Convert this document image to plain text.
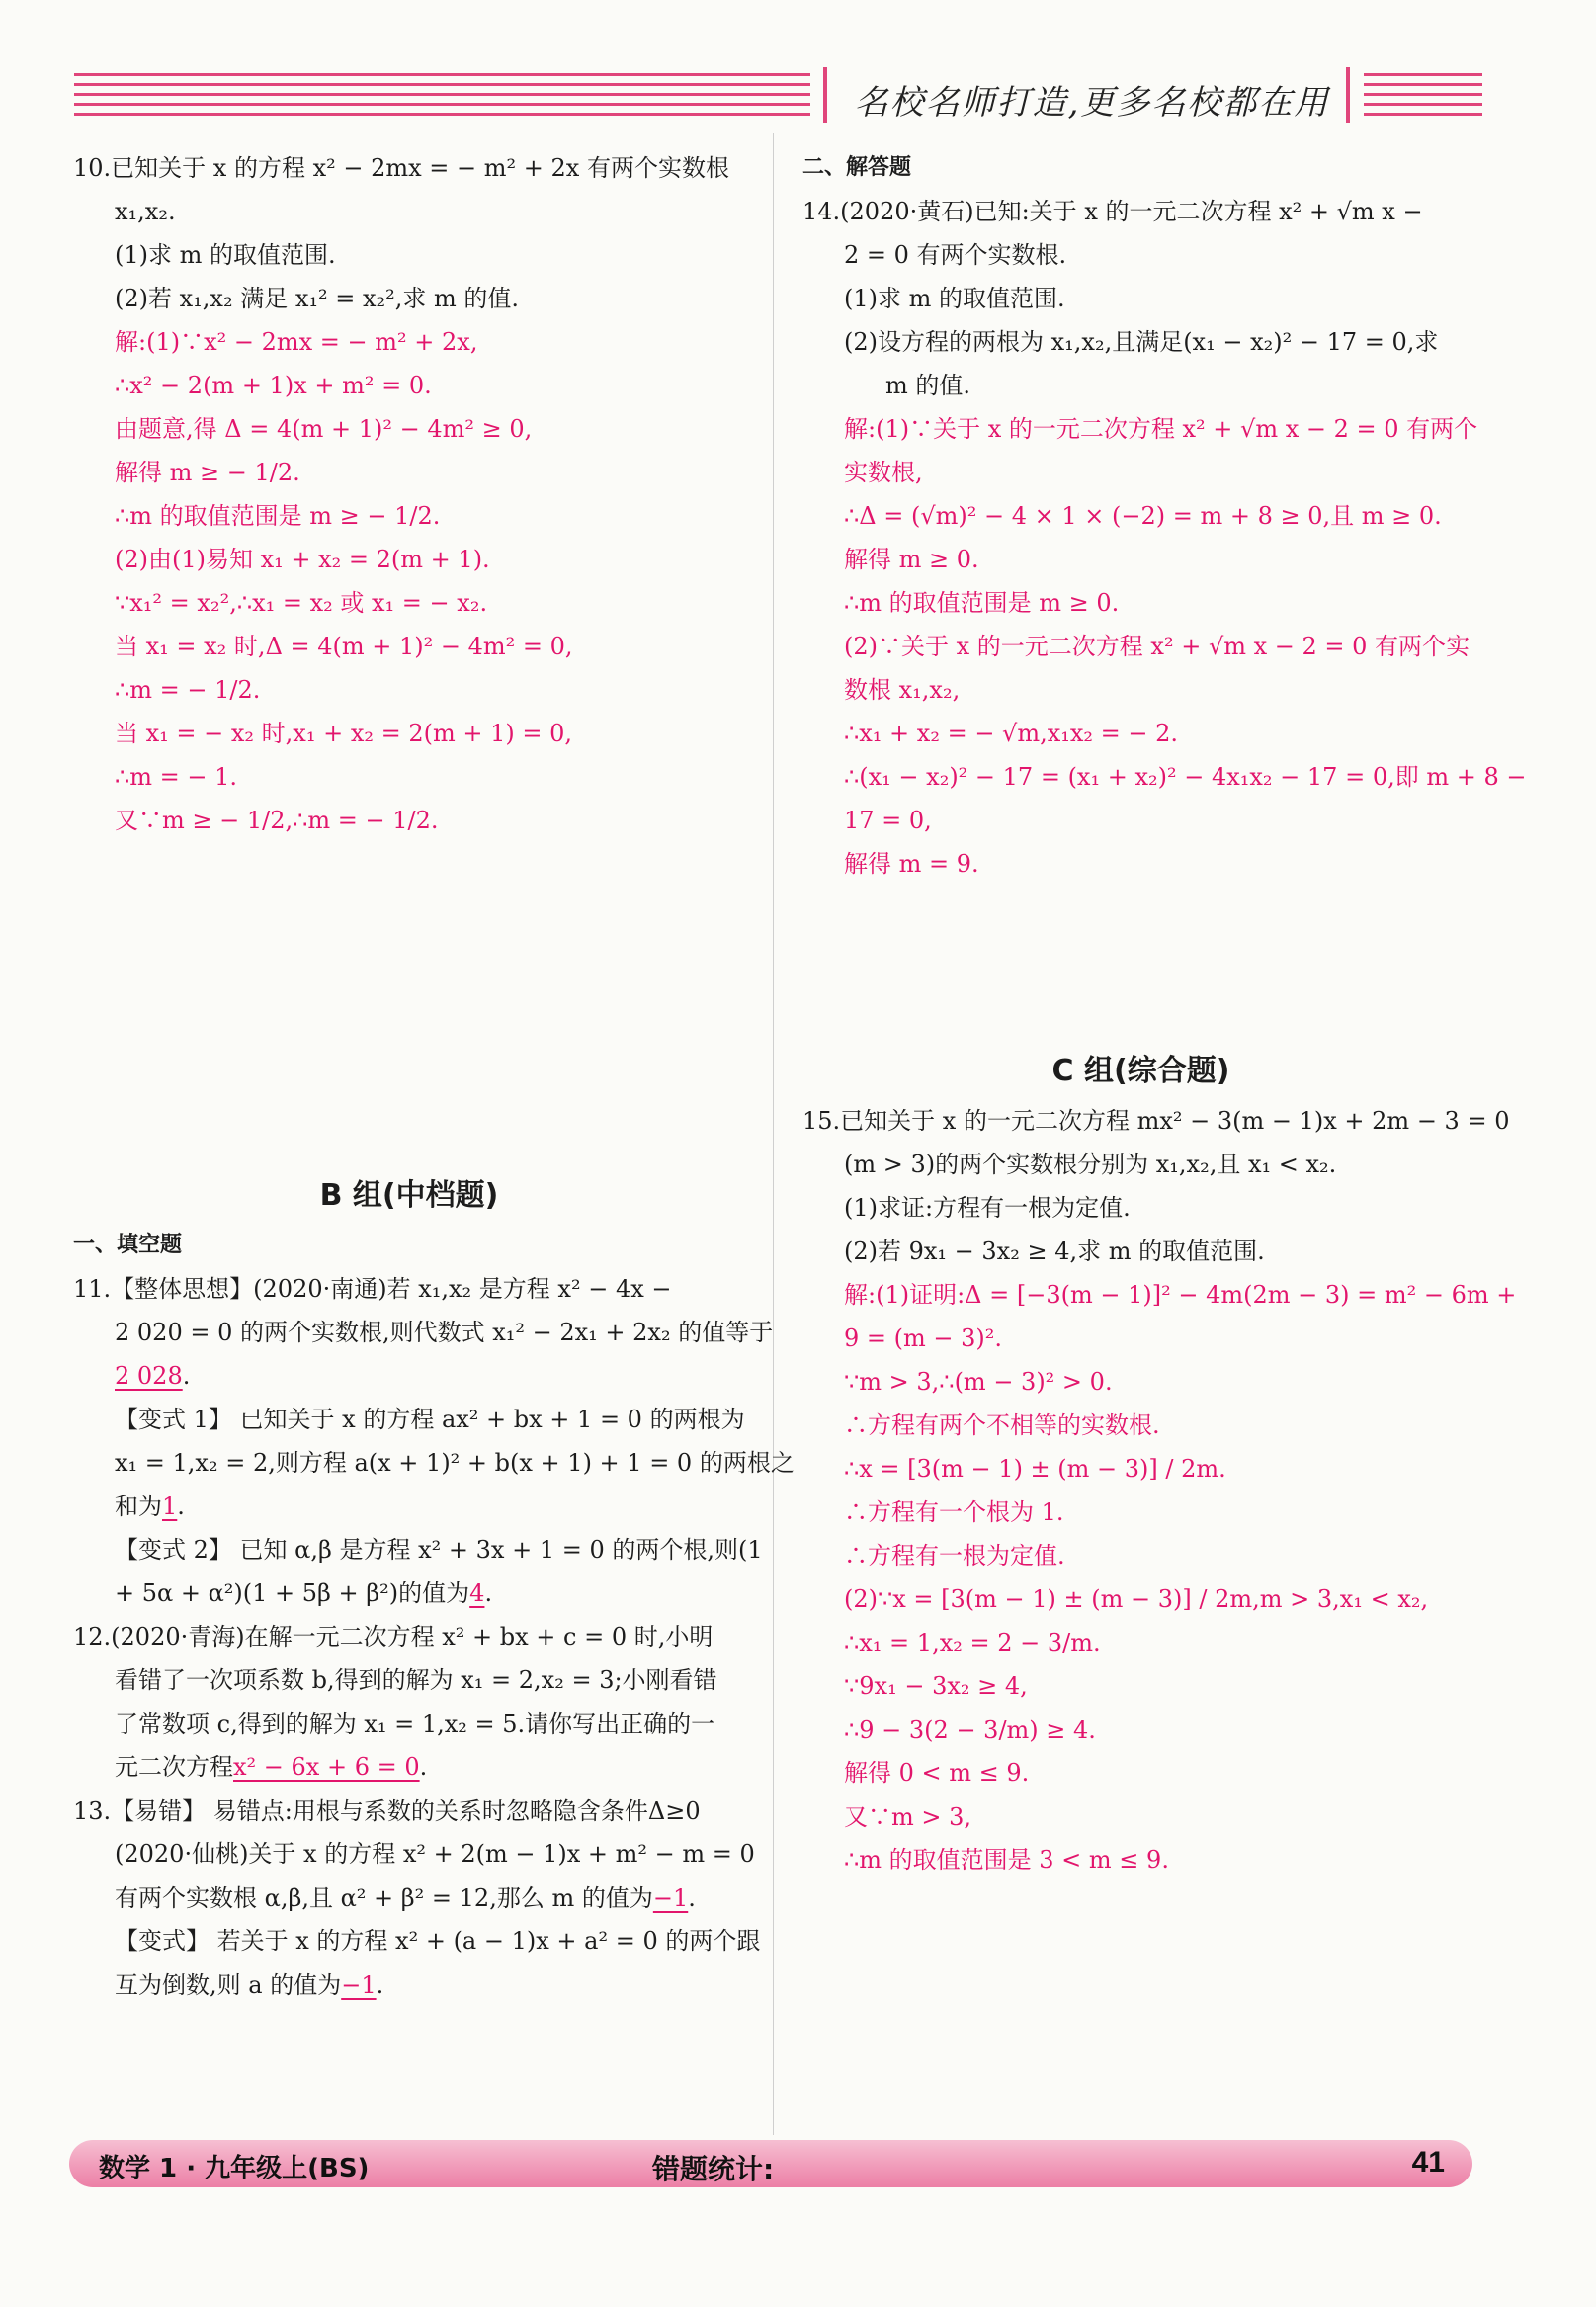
名校名师打造,更多名校都在用
10.已知关于 x 的方程 x² − 2mx = − m² + 2x 有两个实数根
x₁,x₂.
(1)求 m 的取值范围.
(2)若 x₁,x₂ 满足 x₁² = x₂²,求 m 的值.
解:(1)∵x² − 2mx = − m² + 2x,
∴x² − 2(m + 1)x + m² = 0.
由题意,得 Δ = 4(m + 1)² − 4m² ≥ 0,
解得 m ≥ − 1/2.
∴m 的取值范围是 m ≥ − 1/2.
(2)由(1)易知 x₁ + x₂ = 2(m + 1).
∵x₁² = x₂²,∴x₁ = x₂ 或 x₁ = − x₂.
当 x₁ = x₂ 时,Δ = 4(m + 1)² − 4m² = 0,
∴m = − 1/2.
当 x₁ = − x₂ 时,x₁ + x₂ = 2(m + 1) = 0,
∴m = − 1.
又∵m ≥ − 1/2,∴m = − 1/2.
B 组(中档题)
一、填空题
11.【整体思想】(2020·南通)若 x₁,x₂ 是方程 x² − 4x −
2 020 = 0 的两个实数根,则代数式 x₁² − 2x₁ + 2x₂ 的值等于
2 028.
【变式 1】 已知关于 x 的方程 ax² + bx + 1 = 0 的两根为
x₁ = 1,x₂ = 2,则方程 a(x + 1)² + b(x + 1) + 1 = 0 的两根之
和为1.
【变式 2】 已知 α,β 是方程 x² + 3x + 1 = 0 的两个根,则(1
+ 5α + α²)(1 + 5β + β²)的值为4.
12.(2020·青海)在解一元二次方程 x² + bx + c = 0 时,小明
看错了一次项系数 b,得到的解为 x₁ = 2,x₂ = 3;小刚看错
了常数项 c,得到的解为 x₁ = 1,x₂ = 5.请你写出正确的一
元二次方程x² − 6x + 6 = 0.
13.【易错】 易错点:用根与系数的关系时忽略隐含条件Δ≥0
(2020·仙桃)关于 x 的方程 x² + 2(m − 1)x + m² − m = 0
有两个实数根 α,β,且 α² + β² = 12,那么 m 的值为−1.
【变式】 若关于 x 的方程 x² + (a − 1)x + a² = 0 的两个跟
互为倒数,则 a 的值为−1.
二、解答题
14.(2020·黄石)已知:关于 x 的一元二次方程 x² + √m x −
2 = 0 有两个实数根.
(1)求 m 的取值范围.
(2)设方程的两根为 x₁,x₂,且满足(x₁ − x₂)² − 17 = 0,求
m 的值.
解:(1)∵关于 x 的一元二次方程 x² + √m x − 2 = 0 有两个
实数根,
∴Δ = (√m)² − 4 × 1 × (−2) = m + 8 ≥ 0,且 m ≥ 0.
解得 m ≥ 0.
∴m 的取值范围是 m ≥ 0.
(2)∵关于 x 的一元二次方程 x² + √m x − 2 = 0 有两个实
数根 x₁,x₂,
∴x₁ + x₂ = − √m,x₁x₂ = − 2.
∴(x₁ − x₂)² − 17 = (x₁ + x₂)² − 4x₁x₂ − 17 = 0,即 m + 8 −
17 = 0,
解得 m = 9.
C 组(综合题)
15.已知关于 x 的一元二次方程 mx² − 3(m − 1)x + 2m − 3 = 0
(m > 3)的两个实数根分别为 x₁,x₂,且 x₁ < x₂.
(1)求证:方程有一根为定值.
(2)若 9x₁ − 3x₂ ≥ 4,求 m 的取值范围.
解:(1)证明:Δ = [−3(m − 1)]² − 4m(2m − 3) = m² − 6m +
9 = (m − 3)².
∵m > 3,∴(m − 3)² > 0.
∴方程有两个不相等的实数根.
∴x = [3(m − 1) ± (m − 3)] / 2m.
∴方程有一个根为 1.
∴方程有一根为定值.
(2)∵x = [3(m − 1) ± (m − 3)] / 2m,m > 3,x₁ < x₂,
∴x₁ = 1,x₂ = 2 − 3/m.
∵9x₁ − 3x₂ ≥ 4,
∴9 − 3(2 − 3/m) ≥ 4.
解得 0 < m ≤ 9.
又∵m > 3,
∴m 的取值范围是 3 < m ≤ 9.
数学 1 · 九年级上(BS)	错题统计:	41
